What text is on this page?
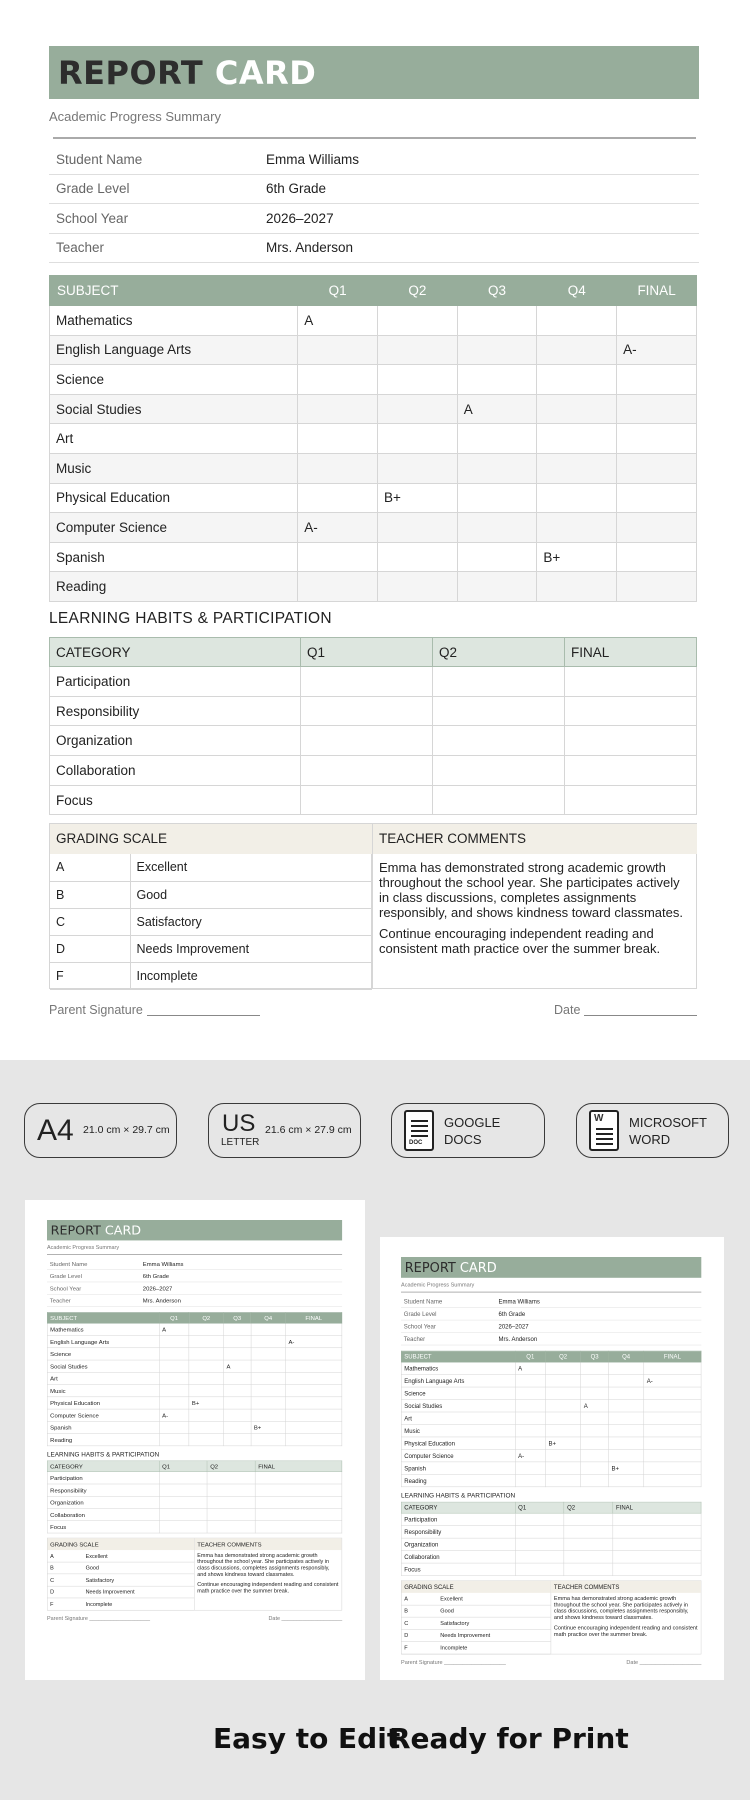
REPORT CARD
Academic Progress Summary
Student Name	Emma Williams
Grade Level	6th Grade
School Year	2026–2027
Teacher	Mrs. Anderson
SUBJECT	Q1	Q2	Q3	Q4	FINAL
Mathematics	A				
English Language Arts					A-
Science					
Social Studies			A		
Art					
Music					
Physical Education		B+			
Computer Science	A-				
Spanish				B+	
Reading					
LEARNING HABITS & PARTICIPATION
CATEGORY	Q1	Q2	FINAL
Participation			
Responsibility			
Organization			
Collaboration			
Focus			
GRADING SCALE
A	Excellent
B	Good
C	Satisfactory
D	Needs Improvement
F	Incomplete
TEACHER COMMENTS

Emma has demonstrated strong academic growth throughout the school year. She participates actively in class discussions, completes assignments responsibly, and shows kindness toward classmates.

Continue encouraging independent reading and consistent math practice over the summer break.

Parent Signature	Date
A4 21.0 cm × 29.7 cm US
LETTER
21.6 cm × 27.9 cm
DOC
GOOGLE
DOCS
W MICROSOFT
WORD
REPORT CARD
Academic Progress Summary
Student Name	Emma Williams
Grade Level	6th Grade
School Year	2026–2027
Teacher	Mrs. Anderson
SUBJECT	Q1	Q2	Q3	Q4	FINAL
Mathematics	A				
English Language Arts					A-
Science					
Social Studies			A		
Art					
Music					
Physical Education		B+			
Computer Science	A-				
Spanish				B+	
Reading					
LEARNING HABITS & PARTICIPATION
CATEGORY	Q1	Q2	FINAL
Participation			
Responsibility			
Organization			
Collaboration			
Focus			
GRADING SCALE
A	Excellent
B	Good
C	Satisfactory
D	Needs Improvement
F	Incomplete
TEACHER COMMENTS

Emma has demonstrated strong academic growth throughout the school year. She participates actively in class discussions, completes assignments responsibly, and shows kindness toward classmates.

Continue encouraging independent reading and consistent math practice over the summer break.

Parent Signature ____________________	Date ____________________
REPORT CARD
Academic Progress Summary
Student Name	Emma Williams
Grade Level	6th Grade
School Year	2026–2027
Teacher	Mrs. Anderson
SUBJECT	Q1	Q2	Q3	Q4	FINAL
Mathematics	A				
English Language Arts					A-
Science					
Social Studies			A		
Art					
Music					
Physical Education		B+			
Computer Science	A-				
Spanish				B+	
Reading					
LEARNING HABITS & PARTICIPATION
CATEGORY	Q1	Q2	FINAL
Participation			
Responsibility			
Organization			
Collaboration			
Focus			
GRADING SCALE
A	Excellent
B	Good
C	Satisfactory
D	Needs Improvement
F	Incomplete
TEACHER COMMENTS

Emma has demonstrated strong academic growth throughout the school year. She participates actively in class discussions, completes assignments responsibly, and shows kindness toward classmates.

Continue encouraging independent reading and consistent math practice over the summer break.

Parent Signature ____________________	Date ____________________
Easy to Edit
Ready for Print
